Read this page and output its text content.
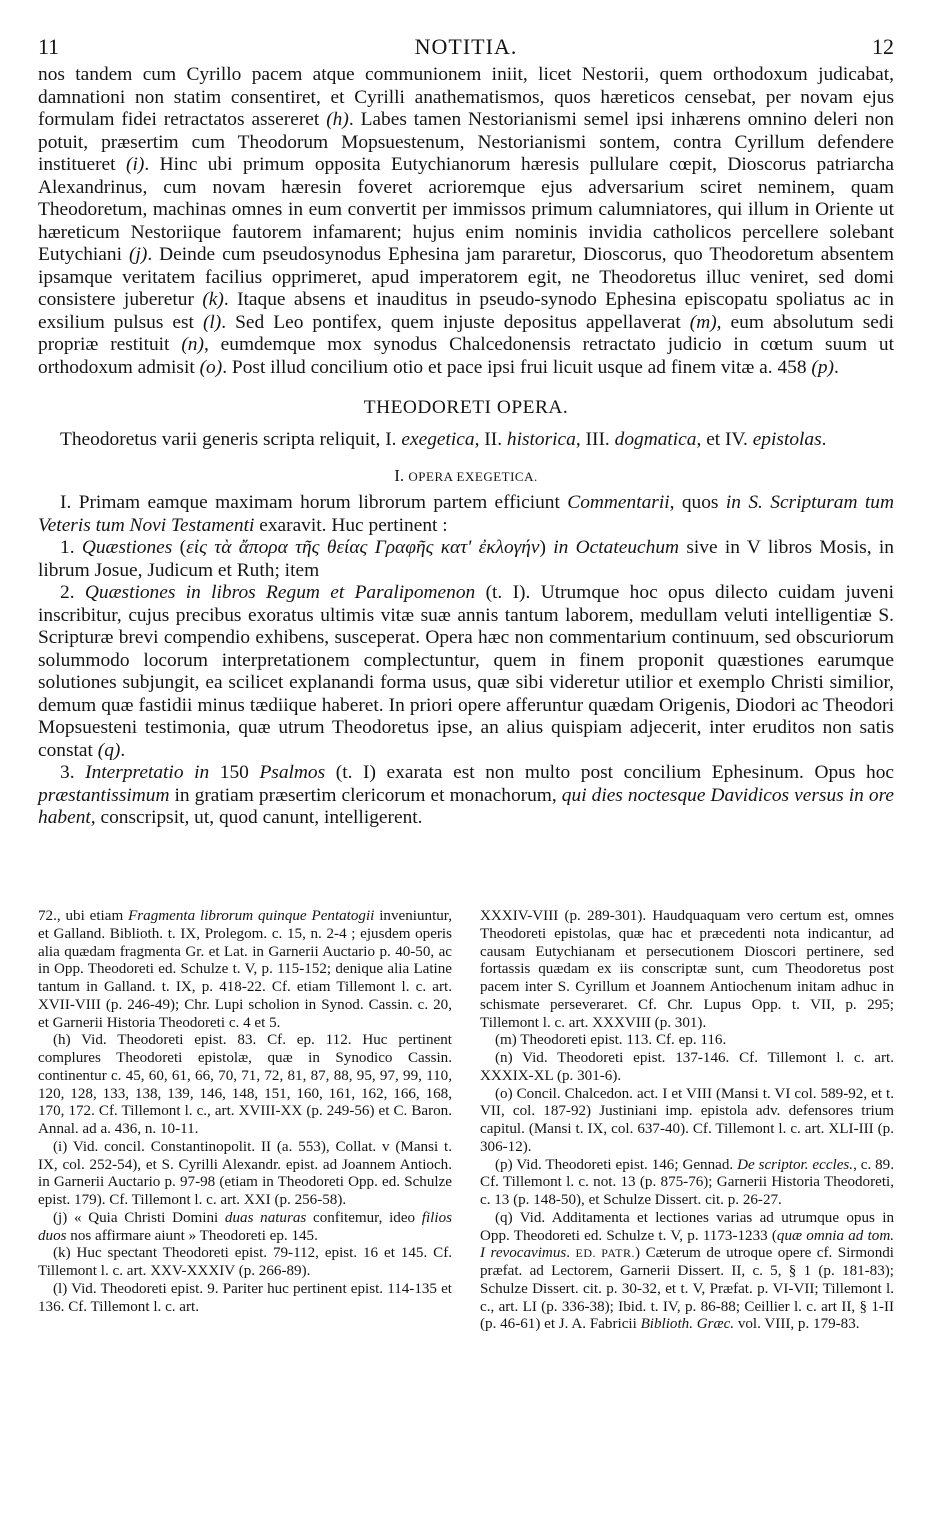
11	NOTITIA.	12

nos tandem cum Cyrillo pacem atque communionem iniit, licet Nestorii, quem orthodoxum judicabat, damnationi non statim consentiret, et Cyrilli anathematismos, quos hæreticos censebat, per novam ejus formulam fidei retractatos assereret (h). Labes tamen Nestorianismi semel ipsi inhærens omnino deleri non potuit, præsertim cum Theodorum Mopsuestenum, Nestorianismi sontem, contra Cyrillum defendere institueret (i). Hinc ubi primum opposita Eutychianorum hæresis pullulare cœpit, Dioscorus patriarcha Alexandrinus, cum novam hæresin foveret acrioremque ejus adversarium sciret neminem, quam Theodoretum, machinas omnes in eum convertit per immissos primum calumniatores, qui illum in Oriente ut hæreticum Nestoriique fautorem infamarent; hujus enim nominis invidia catholicos percellere solebant Eutychiani (j). Deinde cum pseudosynodus Ephesina jam pararetur, Dioscorus, quo Theodoretum absentem ipsamque veritatem facilius opprimeret, apud imperatorem egit, ne Theodoretus illuc veniret, sed domi consistere juberetur (k). Itaque absens et inauditus in pseudo-synodo Ephesina episcopatu spoliatus ac in exsilium pulsus est (l). Sed Leo pontifex, quem injuste depositus appellaverat (m), eum absolutum sedi propriæ restituit (n), eumdemque mox synodus Chalcedonensis retractato judicio in cœtum suum ut orthodoxum admisit (o). Post illud concilium otio et pace ipsi frui licuit usque ad finem vitæ a. 458 (p).

THEODORETI OPERA.

Theodoretus varii generis scripta reliquit, I. exegetica, II. historica, III. dogmatica, et IV. epistolas.

I. OPERA EXEGETICA.

I. Primam eamque maximam horum librorum partem efficiunt Commentarii, quos in S. Scripturam tum Veteris tum Novi Testamenti exaravit. Huc pertinent :

1. Quæstiones (εἰς τὰ ἄπορα τῆς θείας Γραφῆς κατ' ἐκλογήν) in Octateuchum sive in V libros Mosis, in librum Josue, Judicum et Ruth; item

2. Quæstiones in libros Regum et Paralipomenon (t. I). Utrumque hoc opus dilecto cuidam juveni inscribitur, cujus precibus exoratus ultimis vitæ suæ annis tantum laborem, medullam veluti intelligentiæ S. Scripturæ brevi compendio exhibens, susceperat. Opera hæc non commentarium continuum, sed obscuriorum solummodo locorum interpretationem complectuntur, quem in finem proponit quæstiones earumque solutiones subjungit, ea scilicet explanandi forma usus, quæ sibi videretur utilior et exemplo Christi similior, demum quæ fastidii minus tædiique haberet. In priori opere afferuntur quædam Origenis, Diodori ac Theodori Mopsuesteni testimonia, quæ utrum Theodoretus ipse, an alius quispiam adjecerit, inter eruditos non satis constat (q).

3. Interpretatio in 150 Psalmos (t. I) exarata est non multo post concilium Ephesinum. Opus hoc præstantissimum in gratiam præsertim clericorum et monachorum, qui dies noctesque Davidicos versus in ore habent, conscripsit, ut, quod canunt, intelligerent.

72., ubi etiam Fragmenta librorum quinque Pentatogii inveniuntur, et Galland. Biblioth. t. IX, Prolegom. c. 15, n. 2-4 ; ejusdem operis alia quædam fragmenta Gr. et Lat. in Garnerii Auctario p. 40-50, ac in Opp. Theodoreti ed. Schulze t. V, p. 115-152; denique alia Latine tantum in Galland. t. IX, p. 418-22. Cf. etiam Tillemont l. c. art. XVII-VIII (p. 246-49); Chr. Lupi scholion in Synod. Cassin. c. 20, et Garnerii Historia Theodoreti c. 4 et 5.

(h) Vid. Theodoreti epist. 83. Cf. ep. 112. Huc pertinent complures Theodoreti epistolæ, quæ in Synodico Cassin. continentur c. 45, 60, 61, 66, 70, 71, 72, 81, 87, 88, 95, 97, 99, 110, 120, 128, 133, 138, 139, 146, 148, 151, 160, 161, 162, 166, 168, 170, 172. Cf. Tillemont l. c., art. XVIII-XX (p. 249-56) et C. Baron. Annal. ad a. 436, n. 10-11.

(i) Vid. concil. Constantinopolit. II (a. 553), Collat. v (Mansi t. IX, col. 252-54), et S. Cyrilli Alexandr. epist. ad Joannem Antioch. in Garnerii Auctario p. 97-98 (etiam in Theodoreti Opp. ed. Schulze epist. 179). Cf. Tillemont l. c. art. XXI (p. 256-58).

(j) « Quia Christi Domini duas naturas confitemur, ideo filios duos nos affirmare aiunt » Theodoreti ep. 145.

(k) Huc spectant Theodoreti epist. 79-112, epist. 16 et 145. Cf. Tillemont l. c. art. XXV-XXXIV (p. 266-89).

(l) Vid. Theodoreti epist. 9. Pariter huc pertinent epist. 114-135 et 136. Cf. Tillemont l. c. art.

XXXIV-VIII (p. 289-301). Haudquaquam vero certum est, omnes Theodoreti epistolas, quæ hac et præcedenti nota indicantur, ad causam Eutychianam et persecutionem Dioscori pertinere, sed fortassis quædam ex iis conscriptæ sunt, cum Theodoretus post pacem inter S. Cyrillum et Joannem Antiochenum initam adhuc in schismate perseveraret. Cf. Chr. Lupus Opp. t. VII, p. 295; Tillemont l. c. art. XXXVIII (p. 301).

(m) Theodoreti epist. 113. Cf. ep. 116.

(n) Vid. Theodoreti epist. 137-146. Cf. Tillemont l. c. art. XXXIX-XL (p. 301-6).

(o) Concil. Chalcedon. act. I et VIII (Mansi t. VI col. 589-92, et t. VII, col. 187-92) Justiniani imp. epistola adv. defensores trium capitul. (Mansi t. IX, col. 637-40). Cf. Tillemont l. c. art. XLI-III (p. 306-12).

(p) Vid. Theodoreti epist. 146; Gennad. De scriptor. eccles., c. 89. Cf. Tillemont l. c. not. 13 (p. 875-76); Garnerii Historia Theodoreti, c. 13 (p. 148-50), et Schulze Dissert. cit. p. 26-27.

(q) Vid. Additamenta et lectiones varias ad utrumque opus in Opp. Theodoreti ed. Schulze t. V, p. 1173-1233 (quæ omnia ad tom. I revocavimus. ED. PATR.) Cæterum de utroque opere cf. Sirmondi præfat. ad Lectorem, Garnerii Dissert. II, c. 5, § 1 (p. 181-83); Schulze Dissert. cit. p. 30-32, et t. V, Præfat. p. VI-VII; Tillemont l. c., art. LI (p. 336-38); Ibid. t. IV, p. 86-88; Ceillier l. c. art II, § 1-II (p. 46-61) et J. A. Fabricii Biblioth. Græc. vol. VIII, p. 179-83.
